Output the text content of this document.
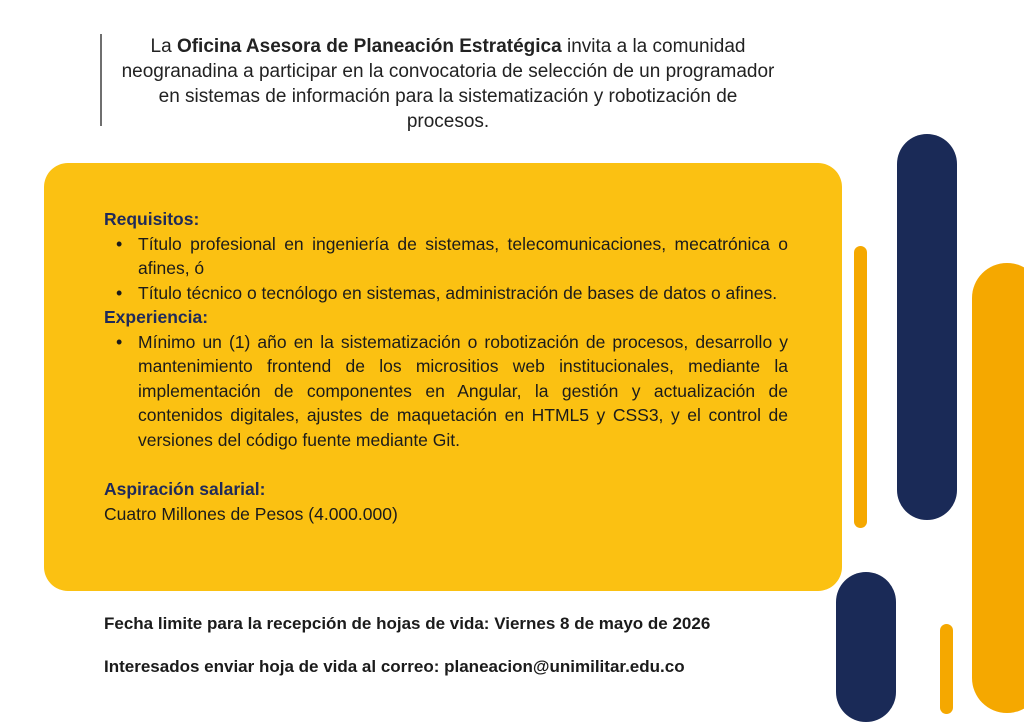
La Oficina Asesora de Planeación Estratégica invita a la comunidad neogranadina a participar en la convocatoria de selección de un programador en sistemas de información para la sistematización y robotización de procesos.
Requisitos:
• Título profesional en ingeniería de sistemas, telecomunicaciones, mecatrónica o afines, ó
• Título técnico o tecnólogo en sistemas, administración de bases de datos o afines.
Experiencia:
• Mínimo un (1) año en la sistematización o robotización de procesos, desarrollo y mantenimiento frontend de los micrositios web institucionales, mediante la implementación de componentes en Angular, la gestión y actualización de contenidos digitales, ajustes de maquetación en HTML5 y CSS3, y el control de versiones del código fuente mediante Git.
Aspiración salarial:
Cuatro Millones de Pesos (4.000.000)
Fecha limite para la recepción de hojas de vida: Viernes 8 de mayo de 2026
Interesados enviar hoja de vida al correo: planeacion@unimilitar.edu.co
